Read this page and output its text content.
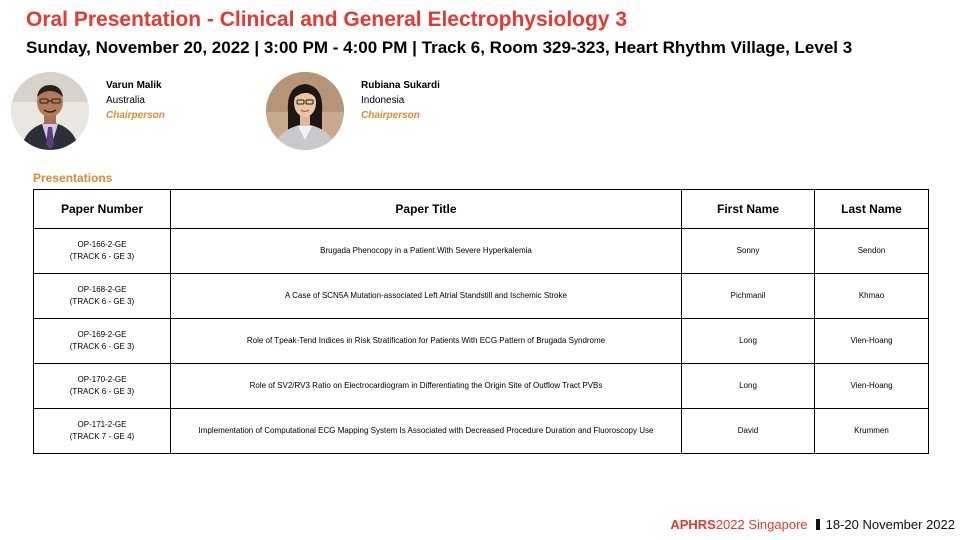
Oral Presentation - Clinical and General Electrophysiology 3
Sunday, November 20, 2022 | 3:00 PM - 4:00 PM | Track 6, Room 329-323, Heart Rhythm Village, Level 3
Varun Malik
Australia
Chairperson
Rubiana Sukardi
Indonesia
Chairperson
Presentations
Paper Number	Paper Title	First Name	Last Name
OP-166-2-GE
(TRACK 6 - GE 3)	Brugada Phenocopy in a Patient With Severe Hyperkalemia	Sonny	Sendon
OP-168-2-GE
(TRACK 6 - GE 3)	A Case of SCN5A Mutation-associated Left Atrial Standstill and Ischemic Stroke	Pichmanil	Khmao
OP-169-2-GE
(TRACK 6 - GE 3)	Role of Tpeak-Tend Indices in Risk Stratification for Patients With ECG Pattern of Brugada Syndrome	Long	Vien-Hoang
OP-170-2-GE
(TRACK 6 - GE 3)	Role of SV2/RV3 Ratio on Electrocardiogram in Differentiating the Origin Site of Outflow Tract PVBs	Long	Vien-Hoang
OP-171-2-GE
(TRACK 7 - GE 4)	Implementation of Computational ECG Mapping System Is Associated with Decreased Procedure Duration and Fluoroscopy Use	David	Krummen
APHRS2022 Singapore 18-20 November 2022
